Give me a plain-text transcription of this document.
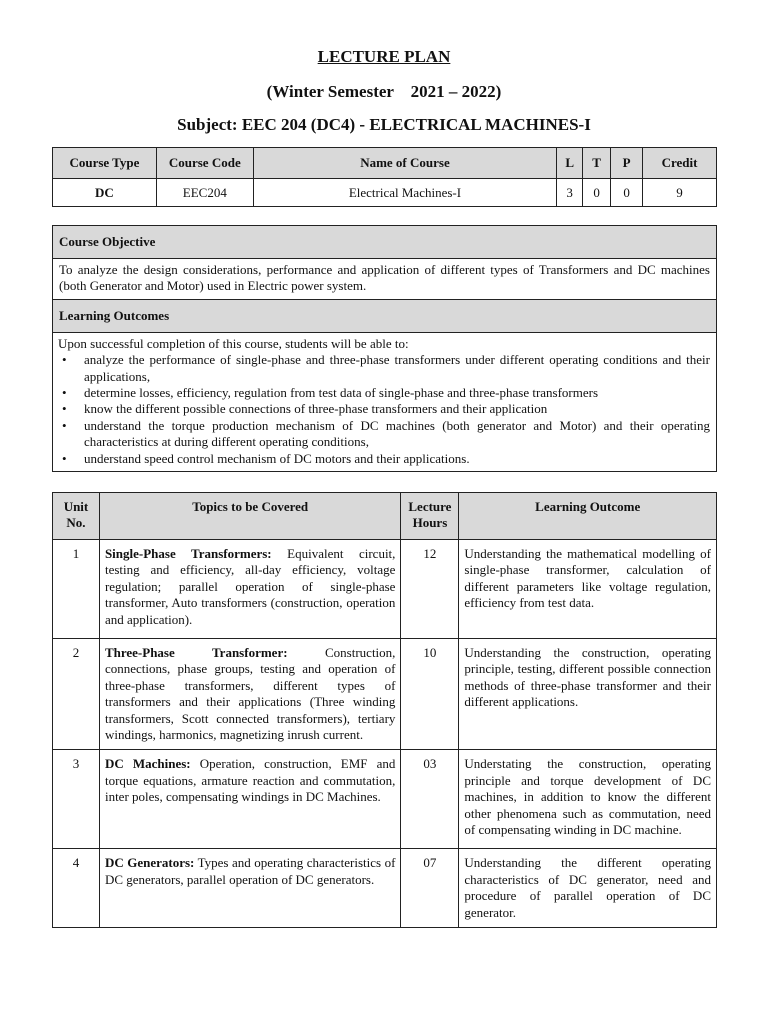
LECTURE PLAN
(Winter Semester    2021 – 2022)
Subject: EEC 204 (DC4) - ELECTRICAL MACHINES-I
Course Type	Course Code	Name of Course	L	T	P	Credit
DC	EEC204	Electrical Machines-I	3	0	0	9
Course Objective
To analyze the design considerations, performance and application of different types of Transformers and DC machines (both Generator and Motor) used in Electric power system.
Learning Outcomes

Upon successful completion of this course, students will be able to:
• analyze the performance of single-phase and three-phase transformers under different operating conditions and their applications,
• determine losses, efficiency, regulation from test data of single-phase and three-phase transformers
• know the different possible connections of three-phase transformers and their application
• understand the torque production mechanism of DC machines (both generator and Motor) and their operating characteristics at during different operating conditions,
• understand speed control mechanism of DC motors and their applications.
Unit No.	Topics to be Covered	Lecture Hours	Learning Outcome
1	Single-Phase Transformers: Equivalent circuit, testing and efficiency, all-day efficiency, voltage regulation; parallel operation of single-phase transformer, Auto transformers (construction, operation and application).	12	Understanding the mathematical modelling of single-phase transformer, calculation of different parameters like voltage regulation, efficiency from test data.
2	Three-Phase Transformer: Construction, connections, phase groups, testing and operation of three-phase transformers, different types of transformers and their applications (Three winding transformers, Scott connected transformers), tertiary windings, harmonics, magnetizing inrush current.	10	Understanding the construction, operating principle, testing, different possible connection methods of three-phase transformer and their different applications.
3	DC Machines: Operation, construction, EMF and torque equations, armature reaction and commutation, inter poles, compensating windings in DC Machines.	03	Understating the construction, operating principle and torque development of DC machines, in addition to know the different other phenomena such as commutation, need of compensating winding in DC machine.
4	DC Generators: Types and operating characteristics of DC generators, parallel operation of DC generators.	07	Understanding the different operating characteristics of DC generator, need and procedure of parallel operation of DC generator.
